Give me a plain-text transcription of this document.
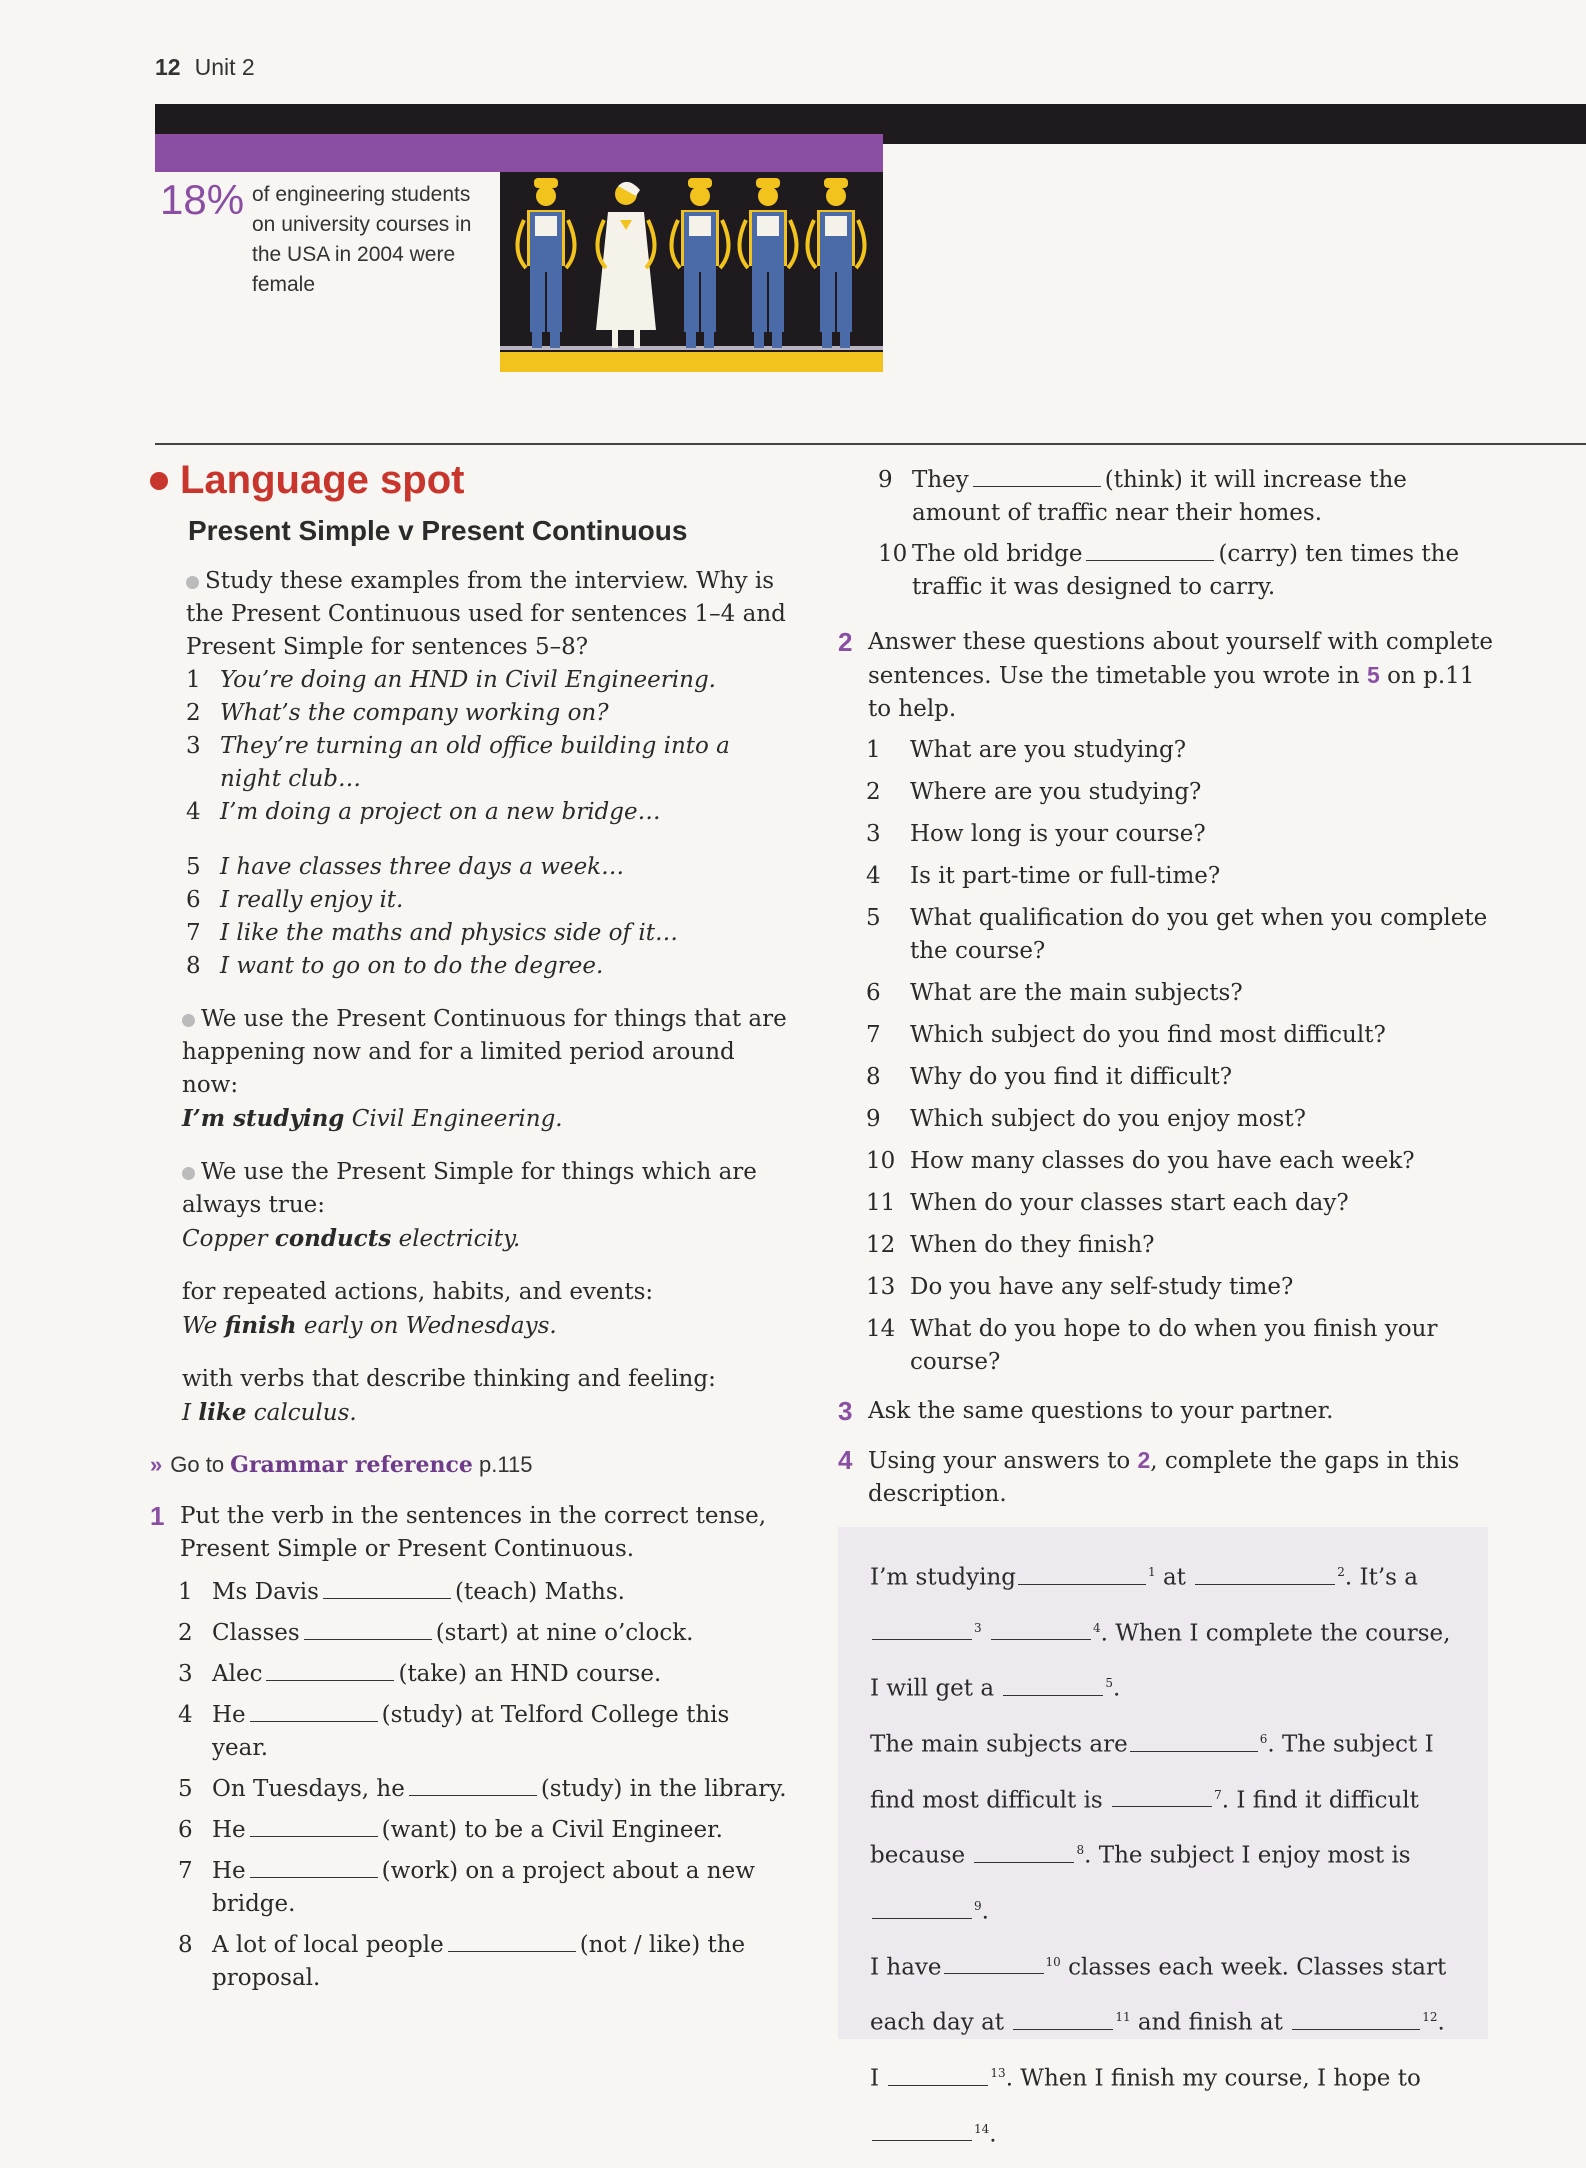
12 Unit 2
18% of engineering students on university courses in the USA in 2004 were female
Language spot
Present Simple v Present Continuous

Study these examples from the interview. Why is the Present Continuous used for sentences 1–4 and Present Simple for sentences 5–8?

1 You’re doing an HND in Civil Engineering.
2 What’s the company working on?
3 They’re turning an old office building into a night club…
4 I’m doing a project on a new bridge…
5 I have classes three days a week…
6 I really enjoy it.
7 I like the maths and physics side of it…
8 I want to go on to do the degree.

We use the Present Continuous for things that are happening now and for a limited period around now:

I’m studying Civil Engineering.

We use the Present Simple for things which are always true:

Copper conducts electricity.

for repeated actions, habits, and events:

We finish early on Wednesdays.

with verbs that describe thinking and feeling:

I like calculus.

» Go to Grammar reference p.115
1 Put the verb in the sentences in the correct tense, Present Simple or Present Continuous.
1 Ms Davis	(teach) Maths.
2 Classes	(start) at nine o’clock.
3 Alec	(take) an HND course.
4 He	(study) at Telford College this year.
5 On Tuesdays, he	(study) in the library.
6 He	(want) to be a Civil Engineer.
7 He	(work) on a project about a new bridge.
8 A lot of local people	(not / like) the proposal.
9 They	(think) it will increase the amount of traffic near their homes.
10 The old bridge	(carry) ten times the traffic it was designed to carry.
2 Answer these questions about yourself with complete sentences. Use the timetable you wrote in 5 on p.11 to help.
1	What are you studying?
2	Where are you studying?
3	How long is your course?
4	Is it part-time or full-time?
5	What qualification do you get when you complete the course?
6	What are the main subjects?
7	Which subject do you find most difficult?
8	Why do you find it difficult?
9	Which subject do you enjoy most?
10 How many classes do you have each week?
11 When do your classes start each day?
12 When do they finish?
13 Do you have any self-study time?
14 What do you hope to do when you finish your course?
3 Ask the same questions to your partner.
4 Using your answers to 2, complete the gaps in this description.

I’m studying	$^1$ at	$^2$. It’s a $^3$	$^4$. When I complete the course, I will get a	$^5$.

The main subjects are	$^6$. The subject I find most difficult is	$^7$. I find it difficult because	$^8$. The subject I enjoy most is $^9$.

I have	$^{10}$ classes each week. Classes start each day at	$^{11}$ and finish at	$^{12}$. I	$^{13}$. When I finish my course, I hope to $^{14}$.
